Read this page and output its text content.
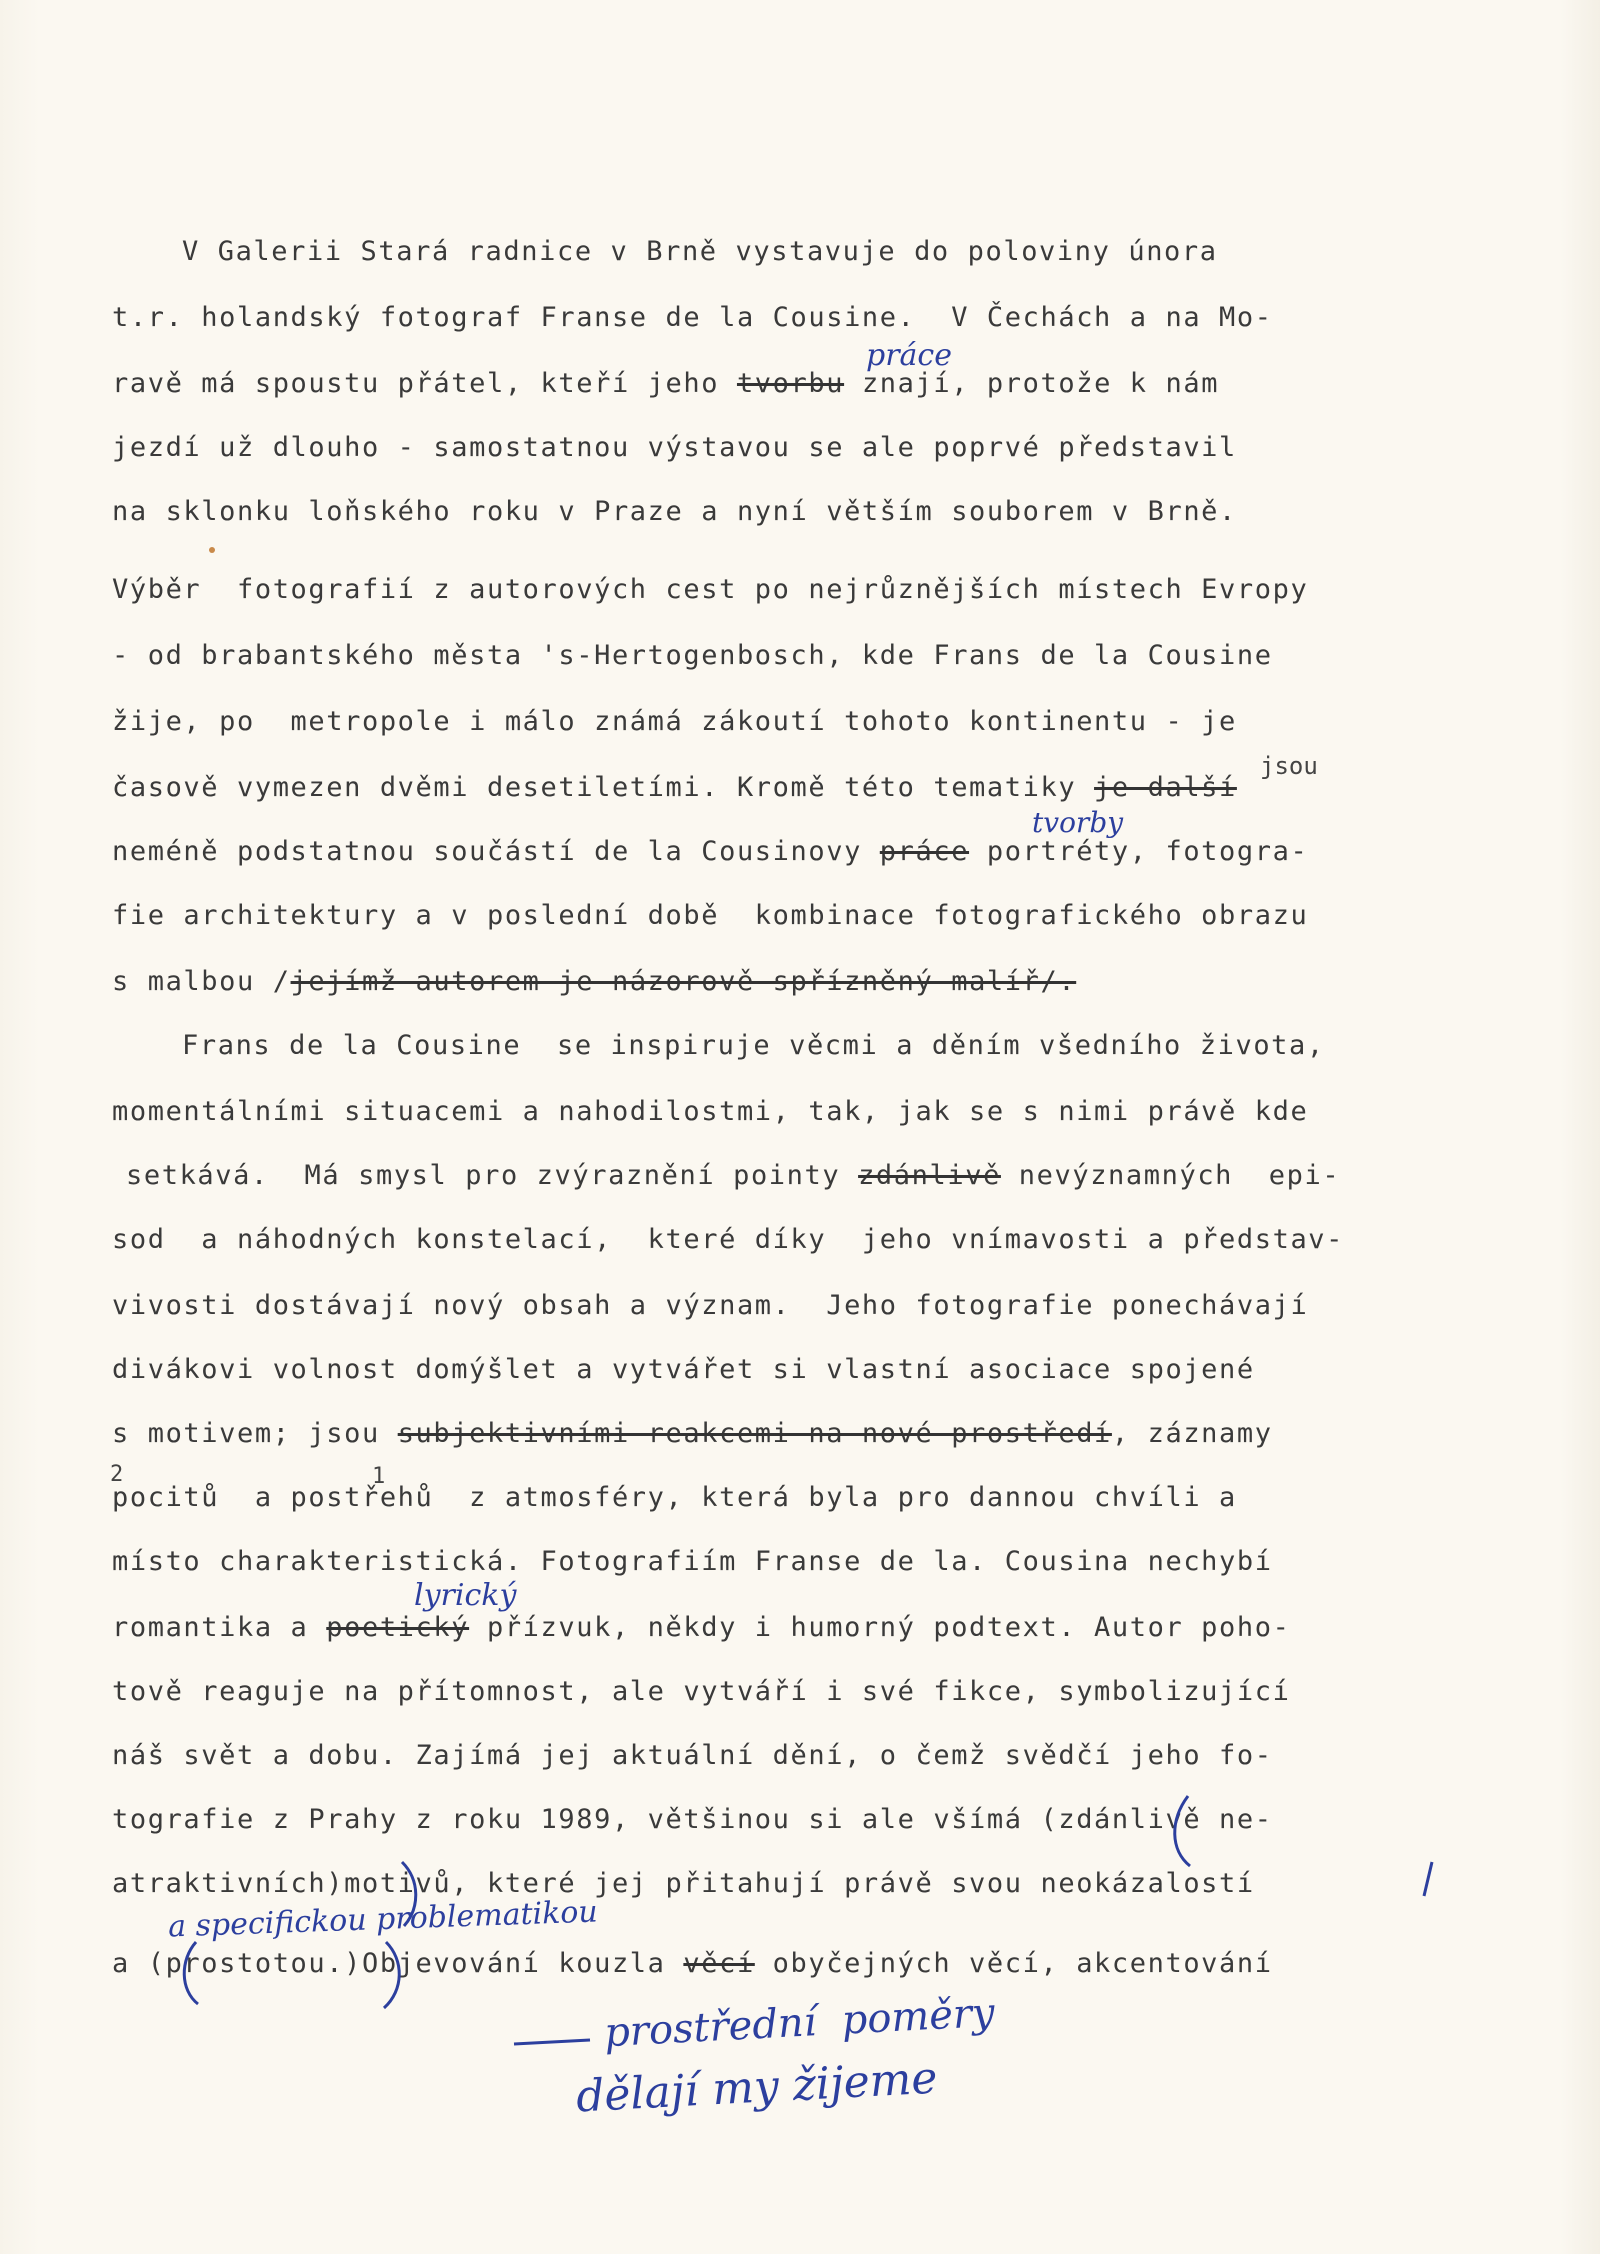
V Galerii Stará radnice v Brně vystavuje do poloviny února
t.r. holandský fotograf Franse de la Cousine.  V Čechách a na Mo-
ravě má spoustu přátel, kteří jeho tvorbu znají, protože k nám
jezdí už dlouho - samostatnou výstavou se ale poprvé představil
na sklonku loňského roku v Praze a nyní větším souborem v Brně.
Výběr  fotografií z autorových cest po nejrůznějších místech Evropy
- od brabantského města 's-Hertogenbosch, kde Frans de la Cousine
žije, po  metropole i málo známá zákoutí tohoto kontinentu - je
časově vymezen dvěmi desetiletími. Kromě této tematiky je další
neméně podstatnou součástí de la Cousinovy práce portréty, fotogra-
fie architektury a v poslední době  kombinace fotografického obrazu
s malbou /jejímž autorem je názorově spřízněný malíř/.
Frans de la Cousine  se inspiruje věcmi a děním všedního života,
momentálními situacemi a nahodilostmi, tak, jak se s nimi právě kde
setkává.  Má smysl pro zvýraznění pointy zdánlivě nevýznamných  epi-
sod  a náhodných konstelací,  které díky  jeho vnímavosti a představ-
vivosti dostávají nový obsah a význam.  Jeho fotografie ponechávají
divákovi volnost domýšlet a vytvářet si vlastní asociace spojené
s motivem; jsou subjektivními reakcemi na nové prostředí, záznamy
pocitů  a postřehů  z atmosféry, která byla pro dannou chvíli a
místo charakteristická. Fotografiím Franse de la. Cousina nechybí
romantika a poetický přízvuk, někdy i humorný podtext. Autor poho-
tově reaguje na přítomnost, ale vytváří i své fikce, symbolizující
náš svět a dobu. Zajímá jej aktuální dění, o čemž svědčí jeho fo-
tografie z Prahy z roku 1989, většinou si ale všímá (zdánlivě ne-
atraktivních)motivů, které jej přitahují právě svou neokázalostí
a (prostotou.)Objevování kouzla věcí obyčejných věcí, akcentování
práce
jsou
tvorby
lyrický
2	1
a specifickou problematikou
prostřední  poměry
dělají my žijeme
